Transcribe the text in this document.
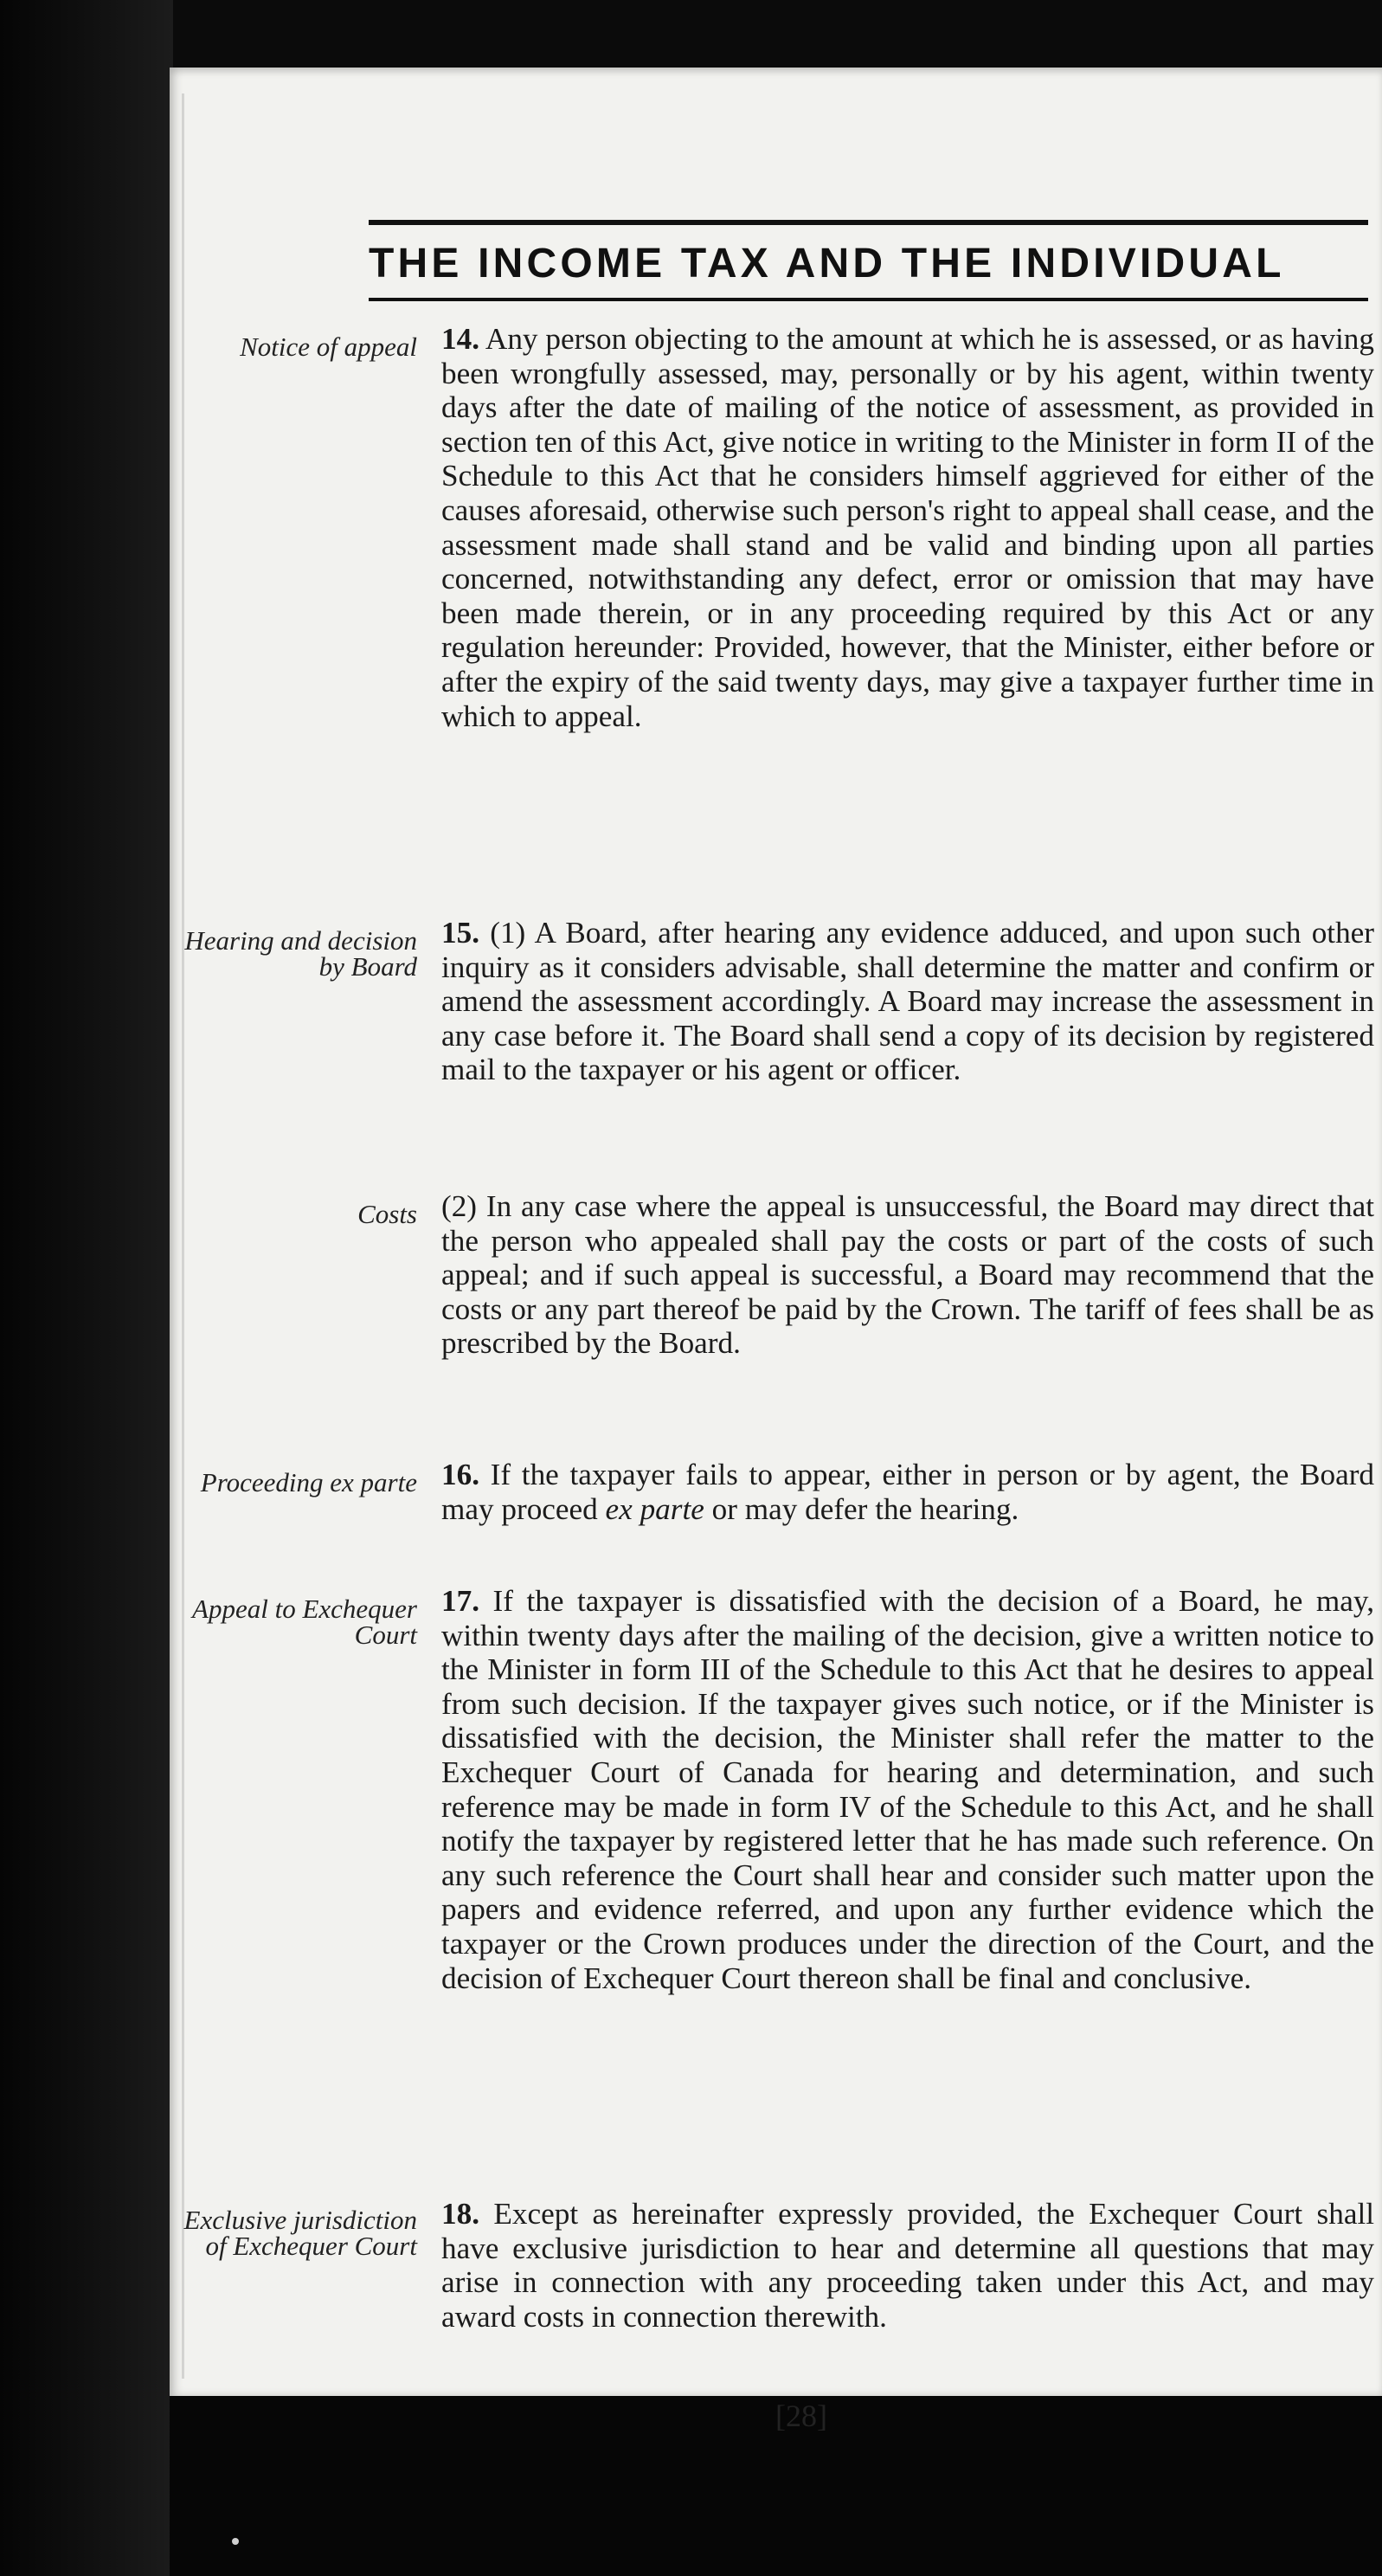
THE INCOME TAX AND THE INDIVIDUAL
Notice of appeal 14. Any person objecting to the amount at which he is assessed, or as having been wrongfully assessed, may, personally or by his agent, within twenty days after the date of mailing of the notice of assessment, as provided in section ten of this Act, give notice in writing to the Minister in form II of the Schedule to this Act that he considers himself aggrieved for either of the causes aforesaid, otherwise such person's right to appeal shall cease, and the assessment made shall stand and be valid and binding upon all parties concerned, notwithstanding any defect, error or omission that may have been made therein, or in any proceeding required by this Act or any regulation hereunder: Provided, however, that the Minister, either before or after the expiry of the said twenty days, may give a taxpayer further time in which to appeal.
Hearing and decision by Board
15. (1) A Board, after hearing any evidence adduced, and upon such other inquiry as it considers advisable, shall determine the matter and confirm or amend the assessment accordingly. A Board may increase the assessment in any case before it. The Board shall send a copy of its decision by registered mail to the taxpayer or his agent or officer.
Costs (2) In any case where the appeal is unsuccessful, the Board may direct that the person who appealed shall pay the costs or part of the costs of such appeal; and if such appeal is successful, a Board may recommend that the costs or any part thereof be paid by the Crown. The tariff of fees shall be as prescribed by the Board.
Proceeding ex parte 16. If the taxpayer fails to appear, either in person or by agent, the Board may proceed ex parte or may defer the hearing.
Appeal to Exchequer Court
17. If the taxpayer is dissatisfied with the decision of a Board, he may, within twenty days after the mailing of the decision, give a written notice to the Minister in form III of the Schedule to this Act that he desires to appeal from such decision. If the taxpayer gives such notice, or if the Minister is dissatisfied with the decision, the Minister shall refer the matter to the Exchequer Court of Canada for hearing and determination, and such reference may be made in form IV of the Schedule to this Act, and he shall notify the taxpayer by registered letter that he has made such reference. On any such reference the Court shall hear and consider such matter upon the papers and evidence referred, and upon any further evidence which the taxpayer or the Crown produces under the direction of the Court, and the decision of Exchequer Court thereon shall be final and conclusive.
Exclusive jurisdiction of Exchequer Court
18. Except as hereinafter expressly provided, the Exchequer Court shall have exclusive jurisdiction to hear and determine all questions that may arise in connection with any proceeding taken under this Act, and may award costs in connection therewith.
[28]
